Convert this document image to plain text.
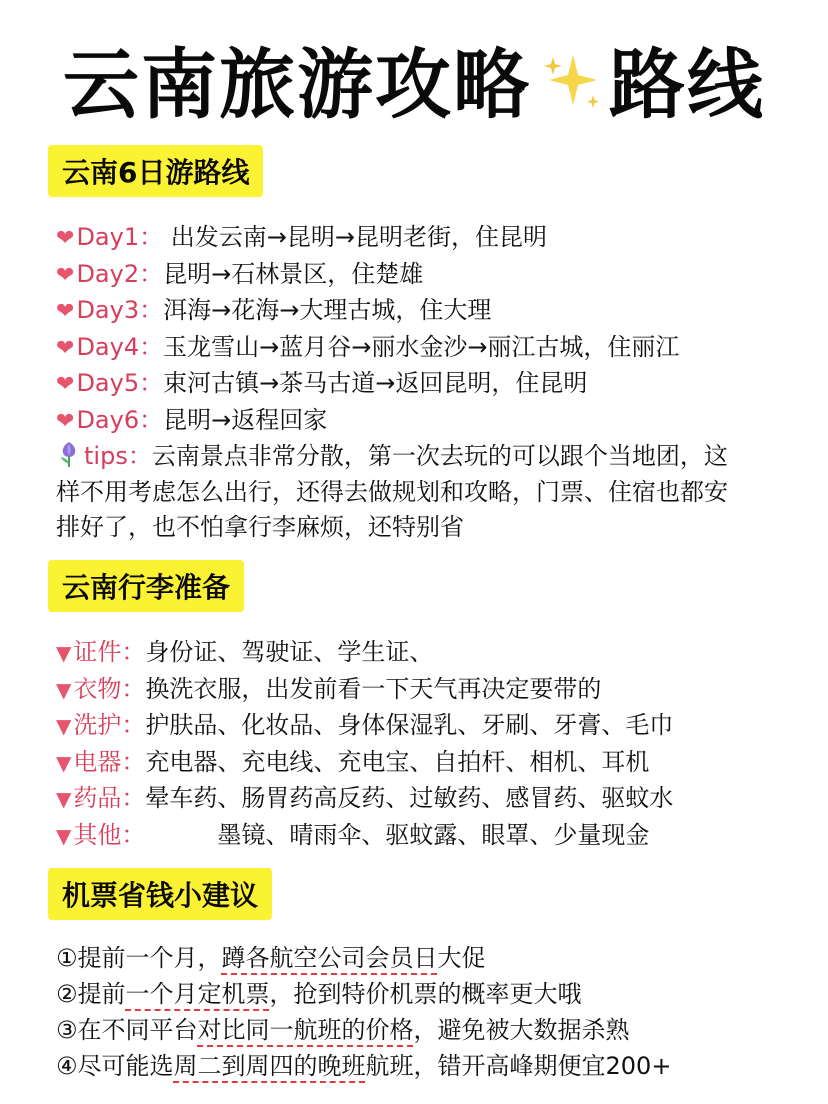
云南旅游攻略 路线
云南6日游路线
❤Day1： 出发云南→昆明→昆明老街，住昆明
❤Day2：昆明→石林景区，住楚雄
❤Day3：洱海→花海→大理古城，住大理
❤Day4：玉龙雪山→蓝月谷→丽水金沙→丽江古城，住丽江
❤Day5：束河古镇→茶马古道→返回昆明，住昆明
❤Day6：昆明→返程回家
tips：云南景点非常分散，第一次去玩的可以跟个当地团，这
样不用考虑怎么出行，还得去做规划和攻略，门票、住宿也都安
排好了，也不怕拿行李麻烦，还特别省
云南行李准备
▼证件：身份证、驾驶证、学生证、
▼衣物：换洗衣服，出发前看一下天气再决定要带的
▼洗护：护肤品、化妆品、身体保湿乳、牙刷、牙膏、毛巾
▼电器：充电器、充电线、充电宝、自拍杆、相机、耳机
▼药品：晕车药、肠胃药高反药、过敏药、感冒药、驱蚊水
▼其他：	墨镜、晴雨伞、驱蚊露、眼罩、少量现金
机票省钱小建议
①提前一个月，蹲各航空公司会员日大促
②提前一个月定机票，抢到特价机票的概率更大哦
③在不同平台对比同一航班的价格，避免被大数据杀熟
④尽可能选周二到周四的晚班航班，错开高峰期便宜200+
